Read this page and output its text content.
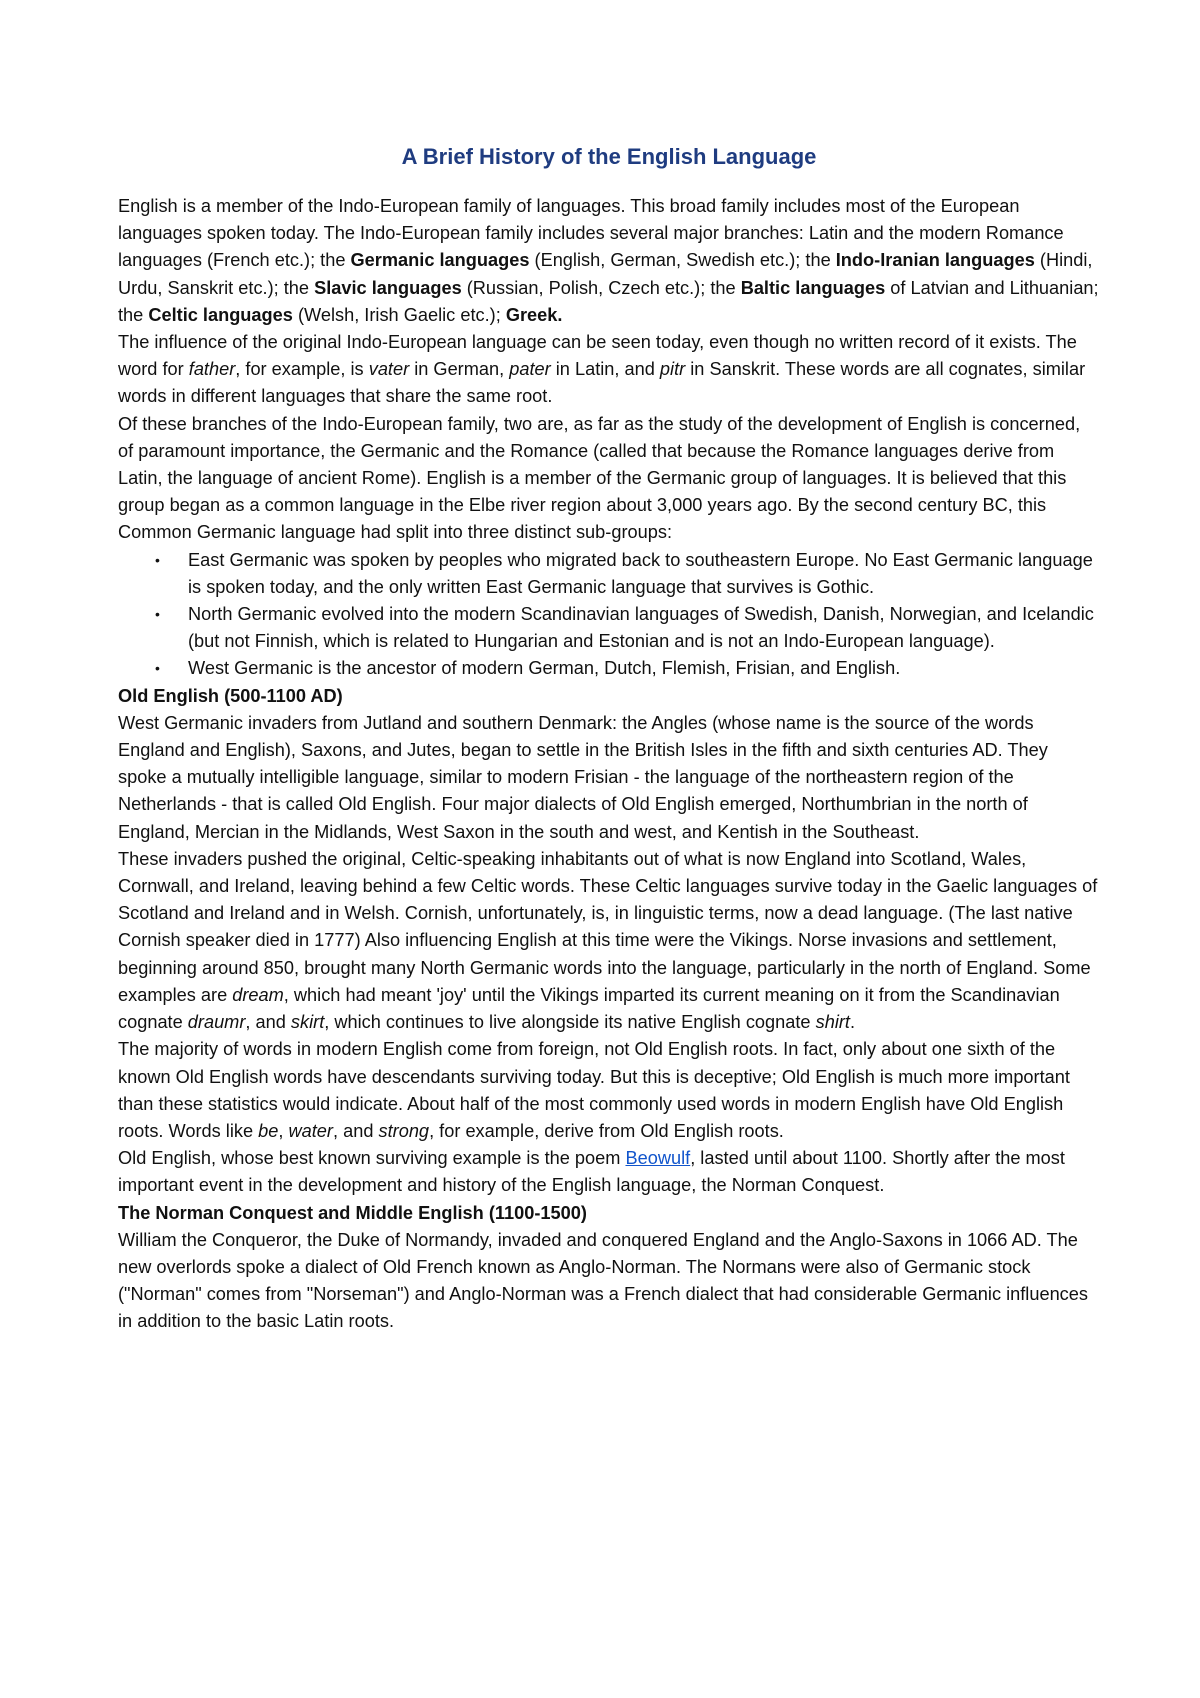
A Brief History of the English Language

English is a member of the Indo-European family of languages. This broad family includes most of the European languages spoken today. The Indo-European family includes several major branches: Latin and the modern Romance languages (French etc.); the Germanic languages (English, German, Swedish etc.); the Indo-Iranian languages (Hindi, Urdu, Sanskrit etc.); the Slavic languages (Russian, Polish, Czech etc.); the Baltic languages of Latvian and Lithuanian; the Celtic languages (Welsh, Irish Gaelic etc.); Greek.

The influence of the original Indo-European language can be seen today, even though no written record of it exists. The word for father, for example, is vater in German, pater in Latin, and pitr in Sanskrit. These words are all cognates, similar words in different languages that share the same root.

Of these branches of the Indo-European family, two are, as far as the study of the development of English is concerned, of paramount importance, the Germanic and the Romance (called that because the Romance languages derive from Latin, the language of ancient Rome). English is a member of the Germanic group of languages. It is believed that this group began as a common language in the Elbe river region about 3,000 years ago. By the second century BC, this Common Germanic language had split into three distinct sub-groups:

• East Germanic was spoken by peoples who migrated back to southeastern Europe. No East Germanic language is spoken today, and the only written East Germanic language that survives is Gothic.
• North Germanic evolved into the modern Scandinavian languages of Swedish, Danish, Norwegian, and Icelandic (but not Finnish, which is related to Hungarian and Estonian and is not an Indo-European language).
• West Germanic is the ancestor of modern German, Dutch, Flemish, Frisian, and English.

Old English (500-1100 AD)

West Germanic invaders from Jutland and southern Denmark: the Angles (whose name is the source of the words England and English), Saxons, and Jutes, began to settle in the British Isles in the fifth and sixth centuries AD. They spoke a mutually intelligible language, similar to modern Frisian - the language of the northeastern region of the Netherlands - that is called Old English. Four major dialects of Old English emerged, Northumbrian in the north of England, Mercian in the Midlands, West Saxon in the south and west, and Kentish in the Southeast.

These invaders pushed the original, Celtic-speaking inhabitants out of what is now England into Scotland, Wales, Cornwall, and Ireland, leaving behind a few Celtic words. These Celtic languages survive today in the Gaelic languages of Scotland and Ireland and in Welsh. Cornish, unfortunately, is, in linguistic terms, now a dead language. (The last native Cornish speaker died in 1777) Also influencing English at this time were the Vikings. Norse invasions and settlement, beginning around 850, brought many North Germanic words into the language, particularly in the north of England. Some examples are dream, which had meant 'joy' until the Vikings imparted its current meaning on it from the Scandinavian cognate draumr, and skirt, which continues to live alongside its native English cognate shirt.

The majority of words in modern English come from foreign, not Old English roots. In fact, only about one sixth of the known Old English words have descendants surviving today. But this is deceptive; Old English is much more important than these statistics would indicate. About half of the most commonly used words in modern English have Old English roots. Words like be, water, and strong, for example, derive from Old English roots.

Old English, whose best known surviving example is the poem Beowulf, lasted until about 1100. Shortly after the most important event in the development and history of the English language, the Norman Conquest.

The Norman Conquest and Middle English (1100-1500)

William the Conqueror, the Duke of Normandy, invaded and conquered England and the Anglo-Saxons in 1066 AD. The new overlords spoke a dialect of Old French known as Anglo-Norman. The Normans were also of Germanic stock ("Norman" comes from "Norseman") and Anglo-Norman was a French dialect that had considerable Germanic influences in addition to the basic Latin roots.
